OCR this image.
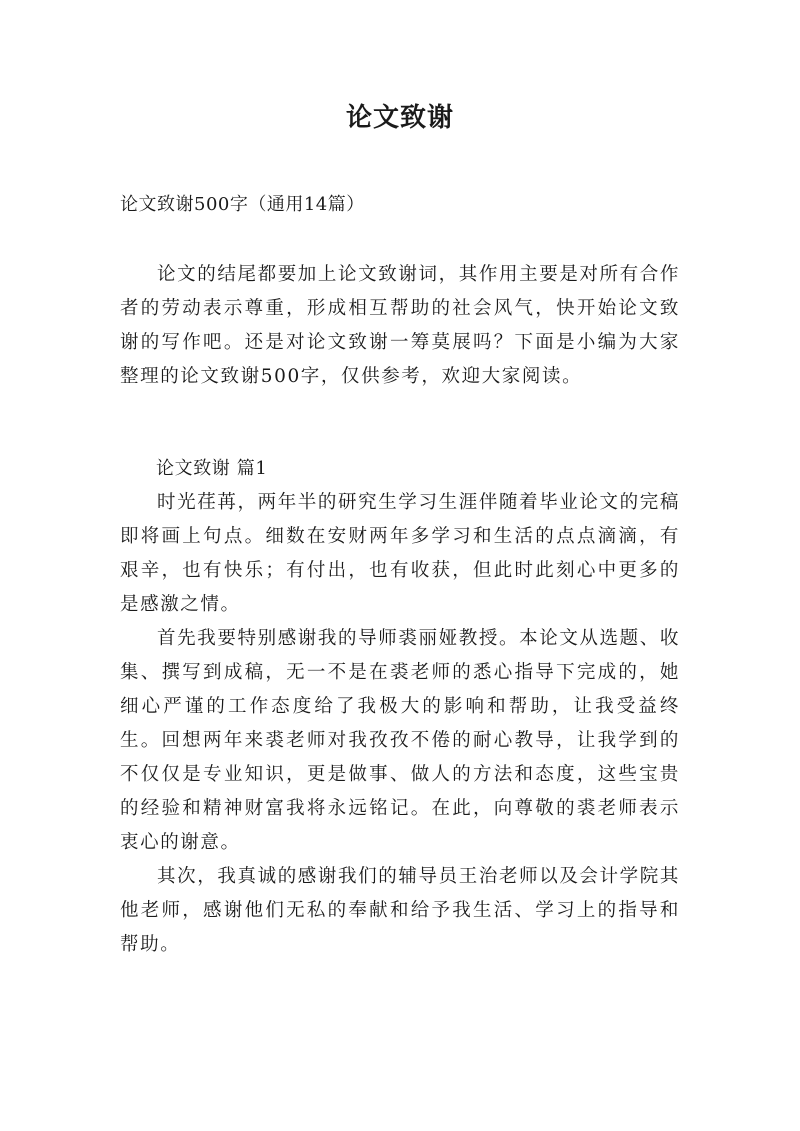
论文致谢
论文致谢500字（通用14篇）

论文的结尾都要加上论文致谢词，其作用主要是对所有合作者的劳动表示尊重，形成相互帮助的社会风气，快开始论文致谢的写作吧。还是对论文致谢一筹莫展吗？下面是小编为大家整理的论文致谢500字，仅供参考，欢迎大家阅读。

论文致谢 篇1

时光荏苒，两年半的研究生学习生涯伴随着毕业论文的完稿即将画上句点。细数在安财两年多学习和生活的点点滴滴，有艰辛，也有快乐；有付出，也有收获，但此时此刻心中更多的是感激之情。

首先我要特别感谢我的导师裘丽娅教授。本论文从选题、收集、撰写到成稿，无一不是在裘老师的悉心指导下完成的，她细心严谨的工作态度给了我极大的影响和帮助，让我受益终生。回想两年来裘老师对我孜孜不倦的耐心教导，让我学到的不仅仅是专业知识，更是做事、做人的方法和态度，这些宝贵的经验和精神财富我将永远铭记。在此，向尊敬的裘老师表示衷心的谢意。

其次，我真诚的感谢我们的辅导员王治老师以及会计学院其他老师，感谢他们无私的奉献和给予我生活、学习上的指导和帮助。
